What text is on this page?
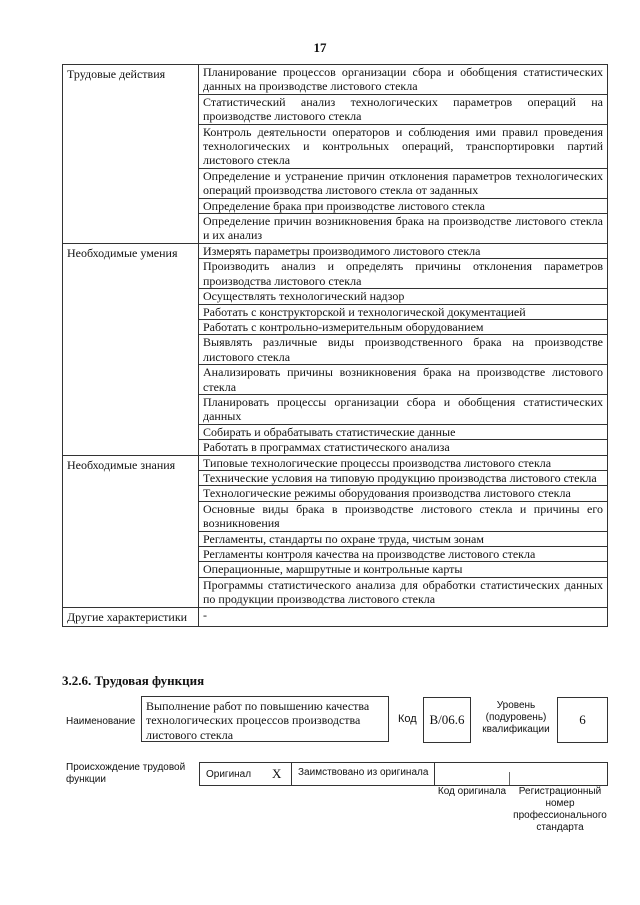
17
Трудовые действия	Планирование процессов организации сбора и обобщения статистических данных на производстве листового стекла
	Статистический анализ технологических параметров операций на производстве листового стекла
	Контроль деятельности операторов и соблюдения ими правил проведения технологических и контрольных операций, транспортировки партий листового стекла
	Определение и устранение причин отклонения параметров технологических операций производства листового стекла от заданных
	Определение брака при производстве листового стекла
	Определение причин возникновения брака на производстве листового стекла и их анализ
Необходимые умения	Измерять параметры производимого листового стекла
	Производить анализ и определять причины отклонения параметров производства листового стекла
	Осуществлять технологический надзор
	Работать с конструкторской и технологической документацией
	Работать с контрольно-измерительным оборудованием
	Выявлять различные виды производственного брака на производстве листового стекла
	Анализировать причины возникновения брака на производстве листового стекла
	Планировать процессы организации сбора и обобщения статистических данных
	Собирать и обрабатывать статистические данные
	Работать в программах статистического анализа
Необходимые знания	Типовые технологические процессы производства листового стекла
	Технические условия на типовую продукцию производства листового стекла
	Технологические режимы оборудования производства листового стекла
	Основные виды брака в производстве листового стекла и причины его возникновения
	Регламенты, стандарты по охране труда, чистым зонам
	Регламенты контроля качества на производстве листового стекла
	Операционные, маршрутные и контрольные карты
	Программы статистического анализа для обработки статистических данных по продукции производства листового стекла
Другие характеристики	-
3.2.6. Трудовая функция
Наименование
Выполнение работ по повышению качества технологических процессов производства листового стекла
Код B/06.6
Уровень (подуровень) квалификации
6
Происхождение трудовой функции	Оригинал Х Заимствовано из оригинала
Код оригинала	Регистрационный номер профессионального стандарта
